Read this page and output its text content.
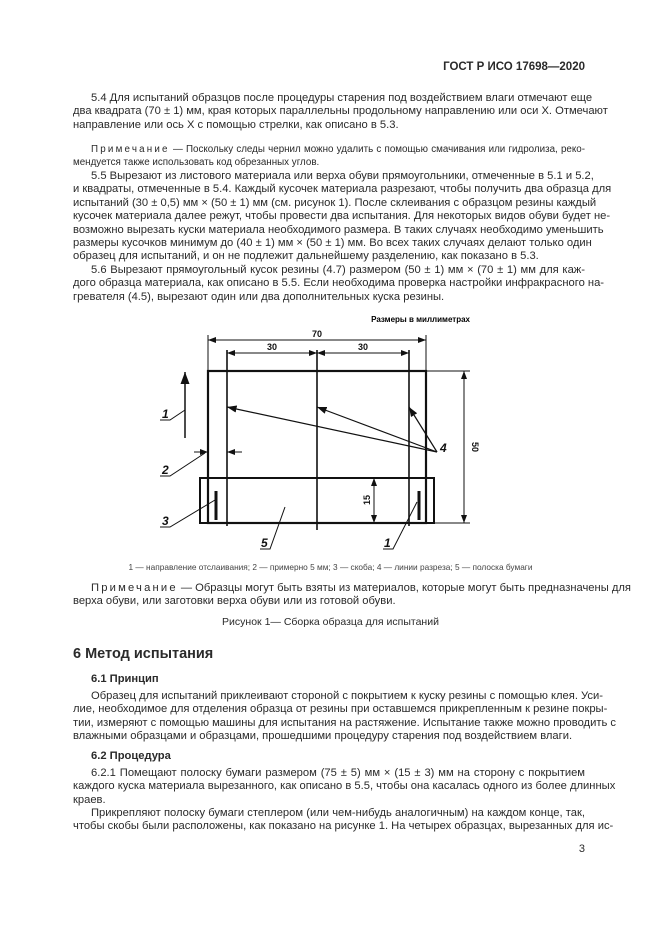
ГОСТ Р ИСО 17698—2020
5.4 Для испытаний образцов после процедуры старения под воздействием влаги отмечают еще
два квадрата (70 ± 1) мм, края которых параллельны продольному направлению или оси X. Отмечают
направление или ось X с помощью стрелки, как описано в 5.3.
Примечание — Поскольку следы чернил можно удалить с помощью смачивания или гидролиза, реко-
мендуется также использовать код обрезанных углов.
5.5 Вырезают из листового материала или верха обуви прямоугольники, отмеченные в 5.1 и 5.2,
и квадраты, отмеченные в 5.4. Каждый кусочек материала разрезают, чтобы получить два образца для
испытаний (30 ± 0,5) мм × (50 ± 1) мм (см. рисунок 1). После склеивания с образцом резины каждый
кусочек материала далее режут, чтобы провести два испытания. Для некоторых видов обуви будет не-
возможно вырезать куски материала необходимого размера. В таких случаях необходимо уменьшить
размеры кусочков минимум до (40 ± 1) мм × (50 ± 1) мм. Во всех таких случаях делают только один
образец для испытаний, и он не подлежит дальнейшему разделению, как показано в 5.3.
5.6 Вырезают прямоугольный кусок резины (4.7) размером (50 ± 1) мм × (70 ± 1) мм для каж-
дого образца материала, как описано в 5.5. Если необходима проверка настройки инфракрасного на-
гревателя (4.5), вырезают один или два дополнительных куска резины.
Размеры в миллиметрах
70
30	30
50
15
1
2
3
4
5	1
1 — направление отслаивания; 2 — примерно 5 мм; 3 — скоба; 4 — линии разреза; 5 — полоска бумаги
Примечание — Образцы могут быть взяты из материалов, которые могут быть предназначены для
верха обуви, или заготовки верха обуви или из готовой обуви.
Рисунок 1— Сборка образца для испытаний
6 Метод испытания
6.1 Принцип
Образец для испытаний приклеивают стороной с покрытием к куску резины с помощью клея. Уси-
лие, необходимое для отделения образца от резины при оставшемся прикрепленным к резине покры-
тии, измеряют с помощью машины для испытания на растяжение. Испытание также можно проводить с
влажными образцами и образцами, прошедшими процедуру старения под воздействием влаги.
6.2 Процедура
6.2.1 Помещают полоску бумаги размером (75 ± 5) мм × (15 ± 3) мм на сторону с покрытием
каждого куска материала вырезанного, как описано в 5.5, чтобы она касалась одного из более длинных
краев.
Прикрепляют полоску бумаги степлером (или чем-нибудь аналогичным) на каждом конце, так,
чтобы скобы были расположены, как показано на рисунке 1. На четырех образцах, вырезанных для ис-
3
